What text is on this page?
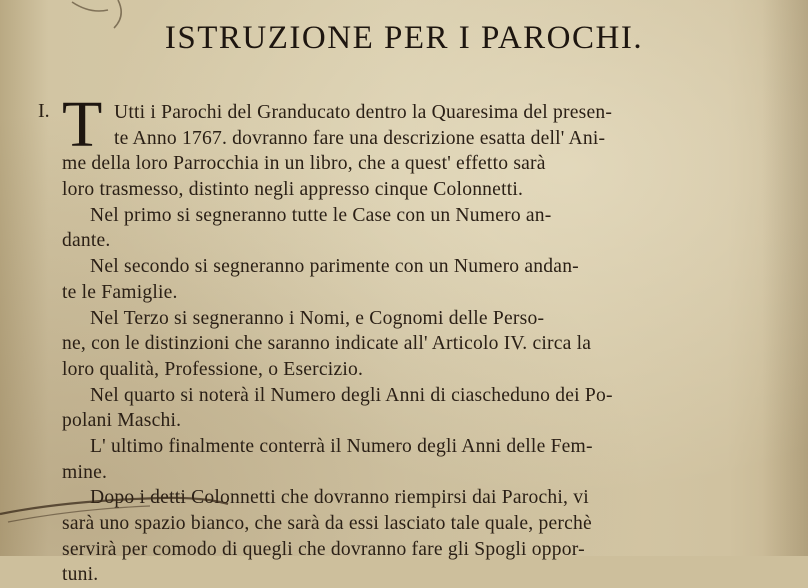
ISTRUZIONE PER I PAROCHI.
I. T Utti i Parochi del Granducato dentro la Quaresima del presen-
te Anno 1767. dovranno fare una descrizione esatta dell' Ani-
me della loro Parrocchia in un libro, che a quest' effetto sarà
loro trasmesso, distinto negli appresso cinque Colonnetti.
Nel primo si segneranno tutte le Case con un Numero an-
dante.
Nel secondo si segneranno parimente con un Numero andan-
te le Famiglie.
Nel Terzo si segneranno i Nomi, e Cognomi delle Perso-
ne, con le distinzioni che saranno indicate all' Articolo IV. circa la
loro qualità, Professione, o Esercizio.
Nel quarto si noterà il Numero degli Anni di ciascheduno dei Po-
polani Maschi.
L' ultimo finalmente conterrà il Numero degli Anni delle Fem-
mine.
Dopo i detti Colonnetti che dovranno riempirsi dai Parochi, vi
sarà uno spazio bianco, che sarà da essi lasciato tale quale, perchè
servirà per comodo di quegli che dovranno fare gli Spogli oppor-
tuni.
